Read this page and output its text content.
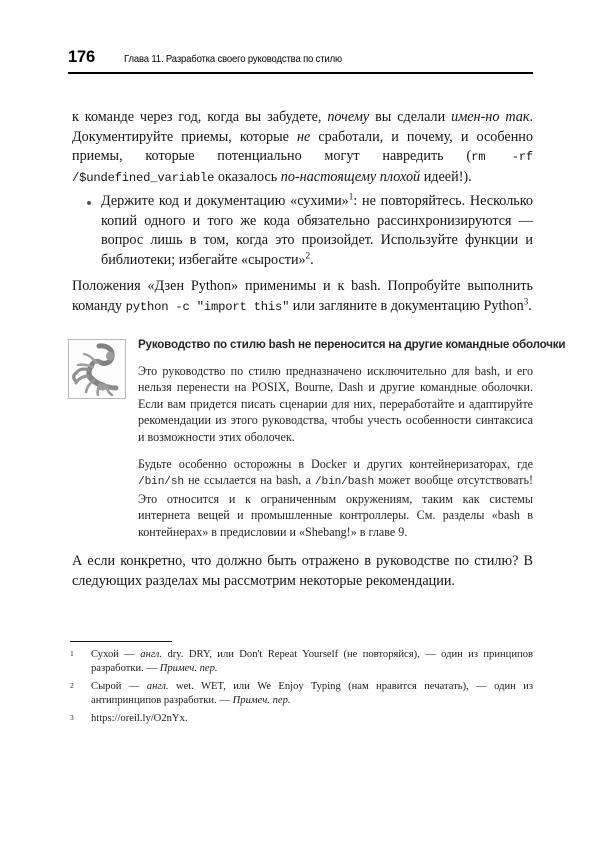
176	Глава 11. Разработка своего руководства по стилю

к команде через год, когда вы забудете, почему вы сделали имен-но так. Документируйте приемы, которые не сработали, и почему, и особенно приемы, которые потенциально могут навредить (rm -rf /$undefined_variable оказалось по-настоящему плохой идеей!).

Держите код и документацию «сухими»$^1$: не повторяйтесь. Несколько копий одного и того же кода обязательно рассинхронизируются — вопрос лишь в том, когда это произойдет. Используйте функции и библиотеки; избегайте «сырости»$^2$.

Положения «Дзен Python» применимы и к bash. Попробуйте выполнить команду python -c "import this" или загляните в документацию Python$^3$.

Руководство по стилю bash не переносится на другие командные оболочки

Это руководство по стилю предназначено исключительно для bash, и его нельзя перенести на POSIX, Bourne, Dash и другие командные оболочки. Если вам придется писать сценарии для них, переработайте и адаптируйте рекомендации из этого руководства, чтобы учесть особенности синтаксиса и возможности этих оболочек.

Будьте особенно осторожны в Docker и других контейнеризаторах, где /bin/sh не ссылается на bash, а /bin/bash может вообще отсутствовать! Это относится и к ограниченным окружениям, таким как системы интернета вещей и промышленные контроллеры. См. разделы «bash в контейнерах» в предисловии и «Shebang!» в главе 9.

А если конкретно, что должно быть отражено в руководстве по стилю? В следующих разделах мы рассмотрим некоторые рекомендации.

1 Сухой — англ. dry. DRY, или Don't Repeat Yourself (не повторяйся), — один из принципов разработки. — Примеч. пер.
2 Сырой — англ. wet. WET, или We Enjoy Typing (нам нравится печатать), — один из антипринципов разработки. — Примеч. пер.
3 https://oreil.ly/O2nYx.
